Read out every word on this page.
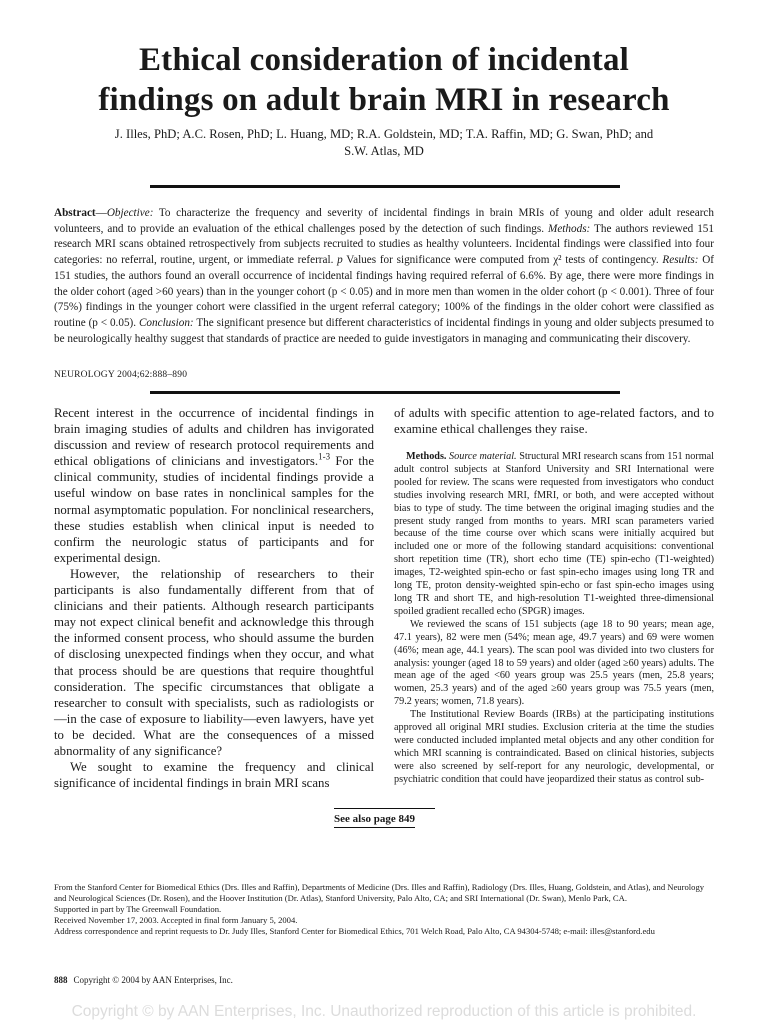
Ethical consideration of incidental
findings on adult brain MRI in research
J. Illes, PhD; A.C. Rosen, PhD; L. Huang, MD; R.A. Goldstein, MD; T.A. Raffin, MD; G. Swan, PhD; and
S.W. Atlas, MD
Abstract—Objective: To characterize the frequency and severity of incidental findings in brain MRIs of young and older adult research volunteers, and to provide an evaluation of the ethical challenges posed by the detection of such findings. Methods: The authors reviewed 151 research MRI scans obtained retrospectively from subjects recruited to studies as healthy volunteers. Incidental findings were classified into four categories: no referral, routine, urgent, or immediate referral. p Values for significance were computed from χ² tests of contingency. Results: Of 151 studies, the authors found an overall occurrence of incidental findings having required referral of 6.6%. By age, there were more findings in the older cohort (aged >60 years) than in the younger cohort (p < 0.05) and in more men than women in the older cohort (p < 0.001). Three of four (75%) findings in the younger cohort were classified in the urgent referral category; 100% of the findings in the older cohort were classified as routine (p < 0.05). Conclusion: The significant presence but different characteristics of incidental findings in young and older subjects presumed to be neurologically healthy suggest that standards of practice are needed to guide investigators in managing and communicating their discovery.
NEUROLOGY 2004;62:888–890

Recent interest in the occurrence of incidental findings in brain imaging studies of adults and children has invigorated discussion and review of research protocol requirements and ethical obligations of clinicians and investigators.$^{1-3}$ For the clinical community, studies of incidental findings provide a useful window on base rates in nonclinical samples for the normal asymptomatic population. For nonclinical researchers, these studies establish when clinical input is needed to confirm the neurologic status of participants and for experimental design.

However, the relationship of researchers to their participants is also fundamentally different from that of clinicians and their patients. Although research participants may not expect clinical benefit and acknowledge this through the informed consent process, who should assume the burden of disclosing unexpected findings when they occur, and what that process should be are questions that require thoughtful consideration. The specific circumstances that obligate a researcher to consult with specialists, such as radiologists or—in the case of exposure to liability—even lawyers, have yet to be decided. What are the consequences of a missed abnormality of any significance?

We sought to examine the frequency and clinical significance of incidental findings in brain MRI scans

of adults with specific attention to age-related factors, and to examine ethical challenges they raise.

Methods. Source material. Structural MRI research scans from 151 normal adult control subjects at Stanford University and SRI International were pooled for review. The scans were requested from investigators who conduct studies involving research MRI, fMRI, or both, and were accepted without bias to type of study. The time between the original imaging studies and the present study ranged from months to years. MRI scan parameters varied because of the time course over which scans were initially acquired but included one or more of the following standard acquisitions: conventional short repetition time (TR), short echo time (TE) spin-echo (T1-weighted) images, T2-weighted spin-echo or fast spin-echo images using long TR and long TE, proton density-weighted spin-echo or fast spin-echo images using long TR and short TE, and high-resolution T1-weighted three-dimensional spoiled gradient recalled echo (SPGR) images.

We reviewed the scans of 151 subjects (age 18 to 90 years; mean age, 47.1 years), 82 were men (54%; mean age, 49.7 years) and 69 were women (46%; mean age, 44.1 years). The scan pool was divided into two clusters for analysis: younger (aged 18 to 59 years) and older (aged ≥60 years) adults. The mean age of the aged <60 years group was 25.5 years (men, 25.8 years; women, 25.3 years) and of the aged ≥60 years group was 75.5 years (men, 79.2 years; women, 71.8 years).

The Institutional Review Boards (IRBs) at the participating institutions approved all original MRI studies. Exclusion criteria at the time the studies were conducted included implanted metal objects and any other condition for which MRI scanning is contraindicated. Based on clinical histories, subjects were also screened by self-report for any neurologic, developmental, or psychiatric condition that could have jeopardized their status as control sub-

See also page 849
From the Stanford Center for Biomedical Ethics (Drs. Illes and Raffin), Departments of Medicine (Drs. Illes and Raffin), Radiology (Drs. Illes, Huang, Goldstein, and Atlas), and Neurology and Neurological Sciences (Dr. Rosen), and the Hoover Institution (Dr. Atlas), Stanford University, Palo Alto, CA; and SRI International (Dr. Swan), Menlo Park, CA.
Supported in part by The Greenwall Foundation.
Received November 17, 2003. Accepted in final form January 5, 2004.
Address correspondence and reprint requests to Dr. Judy Illes, Stanford Center for Biomedical Ethics, 701 Welch Road, Palo Alto, CA 94304-5748; e-mail: illes@stanford.edu
888 Copyright © 2004 by AAN Enterprises, Inc.
Copyright © by AAN Enterprises, Inc. Unauthorized reproduction of this article is prohibited.
